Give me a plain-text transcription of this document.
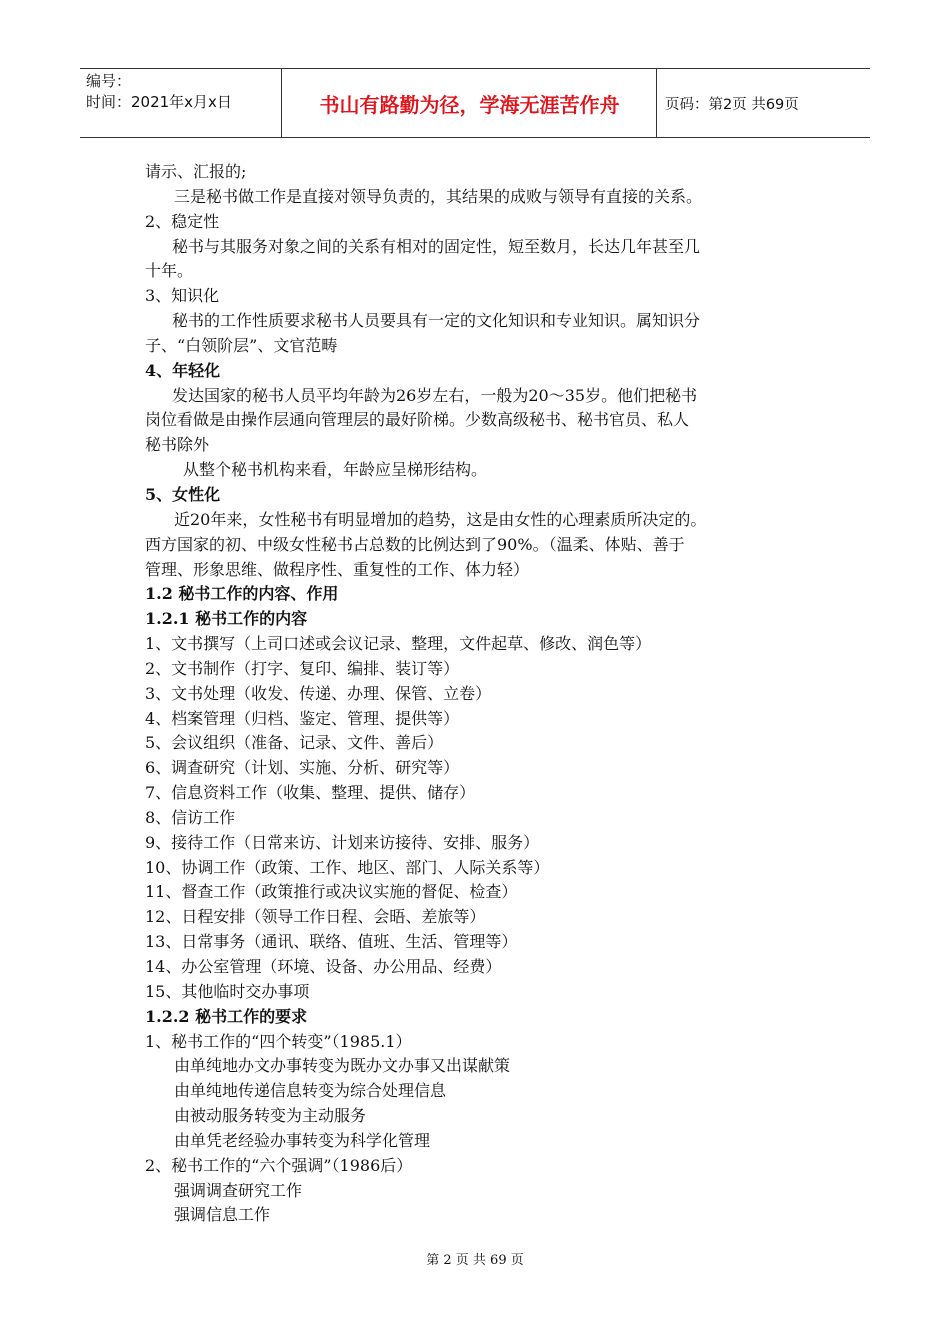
编号：
时间：2021年x月x日	书山有路勤为径，学海无涯苦作舟	页码：第2页 共69页
请示、汇报的;
三是秘书做工作是直接对领导负责的，其结果的成败与领导有直接的关系。
2、稳定性
秘书与其服务对象之间的关系有相对的固定性，短至数月，长达几年甚至几
十年。
3、知识化
秘书的工作性质要求秘书人员要具有一定的文化知识和专业知识。属知识分
子、“白领阶层”、文官范畴
4、年轻化
发达国家的秘书人员平均年龄为26岁左右，一般为20～35岁。他们把秘书
岗位看做是由操作层通向管理层的最好阶梯。少数高级秘书、秘书官员、私人
秘书除外
从整个秘书机构来看，年龄应呈梯形结构。
5、女性化
近20年来，女性秘书有明显增加的趋势，这是由女性的心理素质所决定的。
西方国家的初、中级女性秘书占总数的比例达到了90%。（温柔、体贴、善于
管理、形象思维、做程序性、重复性的工作、体力轻）
1.2 秘书工作的内容、作用
1.2.1 秘书工作的内容
1、文书撰写（上司口述或会议记录、整理，文件起草、修改、润色等）
2、文书制作（打字、复印、编排、装订等）
3、文书处理（收发、传递、办理、保管、立卷）
4、档案管理（归档、鉴定、管理、提供等）
5、会议组织（准备、记录、文件、善后）
6、调查研究（计划、实施、分析、研究等）
7、信息资料工作（收集、整理、提供、储存）
8、信访工作
9、接待工作（日常来访、计划来访接待、安排、服务）
10、协调工作（政策、工作、地区、部门、人际关系等）
11、督查工作（政策推行或决议实施的督促、检查）
12、日程安排（领导工作日程、会晤、差旅等）
13、日常事务（通讯、联络、值班、生活、管理等）
14、办公室管理（环境、设备、办公用品、经费）
15、其他临时交办事项
1.2.2 秘书工作的要求
1、秘书工作的“四个转变”（1985.1）
由单纯地办文办事转变为既办文办事又出谋献策
由单纯地传递信息转变为综合处理信息
由被动服务转变为主动服务
由单凭老经验办事转变为科学化管理
2、秘书工作的“六个强调”（1986后）
强调调查研究工作
强调信息工作
第 2 页 共 69 页
